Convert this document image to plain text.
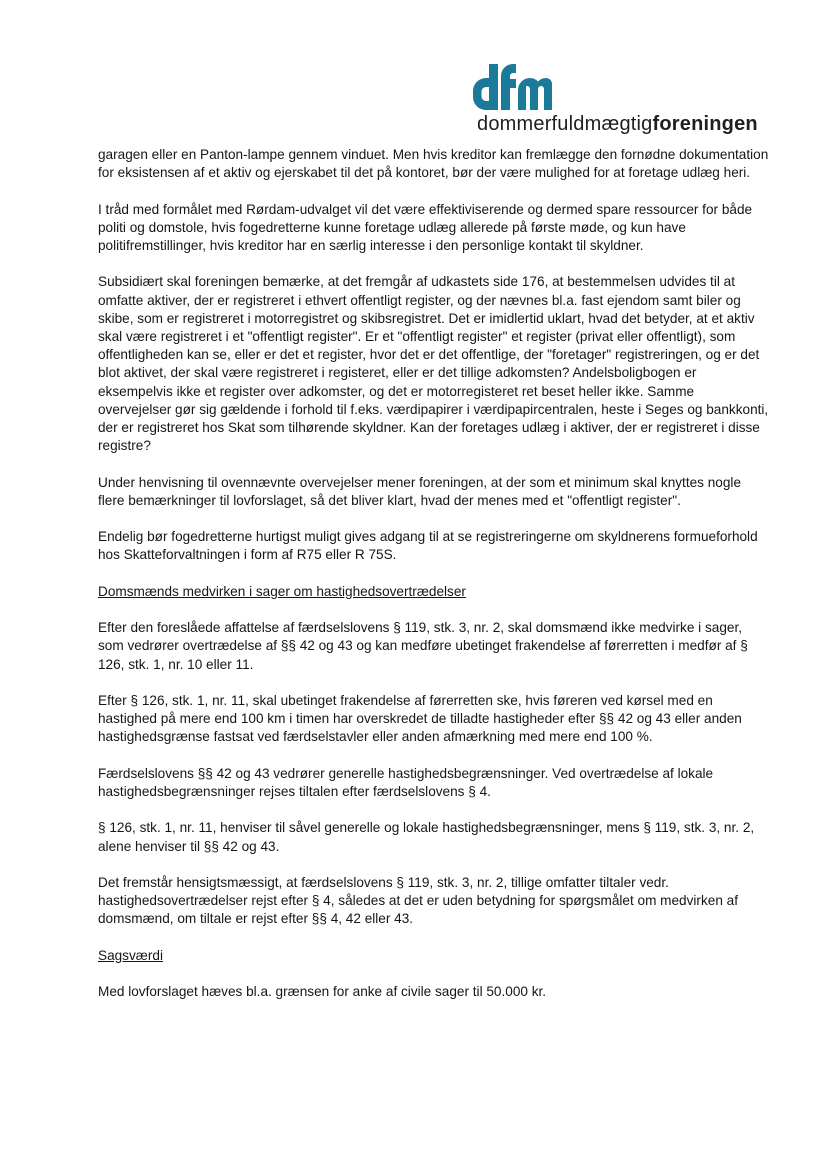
dommerfuldmægtigforeningen

garagen eller en Panton-lampe gennem vinduet. Men hvis kreditor kan fremlægge den fornødne dokumentation for eksistensen af et aktiv og ejerskabet til det på kontoret, bør der være mulighed for at foretage udlæg heri.

I tråd med formålet med Rørdam-udvalget vil det være effektiviserende og dermed spare ressourcer for både politi og domstole, hvis fogedretterne kunne foretage udlæg allerede på første møde, og kun have politifremstillinger, hvis kreditor har en særlig interesse i den personlige kontakt til skyldner.

Subsidiært skal foreningen bemærke, at det fremgår af udkastets side 176, at bestemmelsen udvides til at omfatte aktiver, der er registreret i ethvert offentligt register, og der nævnes bl.a. fast ejendom samt biler og skibe, som er registreret i motorregistret og skibsregistret. Det er imidlertid uklart, hvad det betyder, at et aktiv skal være registreret i et "offentligt register". Er et "offentligt register" et register (privat eller offentligt), som offentligheden kan se, eller er det et register, hvor det er det offentlige, der "foretager" registreringen, og er det blot aktivet, der skal være registreret i registeret, eller er det tillige adkomsten? Andelsboligbogen er eksempelvis ikke et register over adkomster, og det er motorregisteret ret beset heller ikke. Samme overvejelser gør sig gældende i forhold til f.eks. værdipapirer i værdipapircentralen, heste i Seges og bankkonti, der er registreret hos Skat som tilhørende skyldner. Kan der foretages udlæg i aktiver, der er registreret i disse registre?

Under henvisning til ovennævnte overvejelser mener foreningen, at der som et minimum skal knyttes nogle flere bemærkninger til lovforslaget, så det bliver klart, hvad der menes med et "offentligt register".

Endelig bør fogedretterne hurtigst muligt gives adgang til at se registreringerne om skyldnerens formueforhold hos Skatteforvaltningen i form af R75 eller R 75S.

Domsmænds medvirken i sager om hastighedsovertrædelser

Efter den foreslåede affattelse af færdselslovens § 119, stk. 3, nr. 2, skal domsmænd ikke medvirke i sager, som vedrører overtrædelse af §§ 42 og 43 og kan medføre ubetinget frakendelse af førerretten i medfør af § 126, stk. 1, nr. 10 eller 11.

Efter § 126, stk. 1, nr. 11, skal ubetinget frakendelse af førerretten ske, hvis føreren ved kørsel med en hastighed på mere end 100 km i timen har overskredet de tilladte hastigheder efter §§ 42 og 43 eller anden hastighedsgrænse fastsat ved færdselstavler eller anden afmærkning med mere end 100 %.

Færdselslovens §§ 42 og 43 vedrører generelle hastighedsbegrænsninger. Ved overtrædelse af lokale hastighedsbegrænsninger rejses tiltalen efter færdselslovens § 4.

§ 126, stk. 1, nr. 11, henviser til såvel generelle og lokale hastighedsbegrænsninger, mens § 119, stk. 3, nr. 2, alene henviser til §§ 42 og 43.

Det fremstår hensigtsmæssigt, at færdselslovens § 119, stk. 3, nr. 2, tillige omfatter tiltaler vedr. hastighedsovertrædelser rejst efter § 4, således at det er uden betydning for spørgsmålet om medvirken af domsmænd, om tiltale er rejst efter §§ 4, 42 eller 43.

Sagsværdi

Med lovforslaget hæves bl.a. grænsen for anke af civile sager til 50.000 kr.
